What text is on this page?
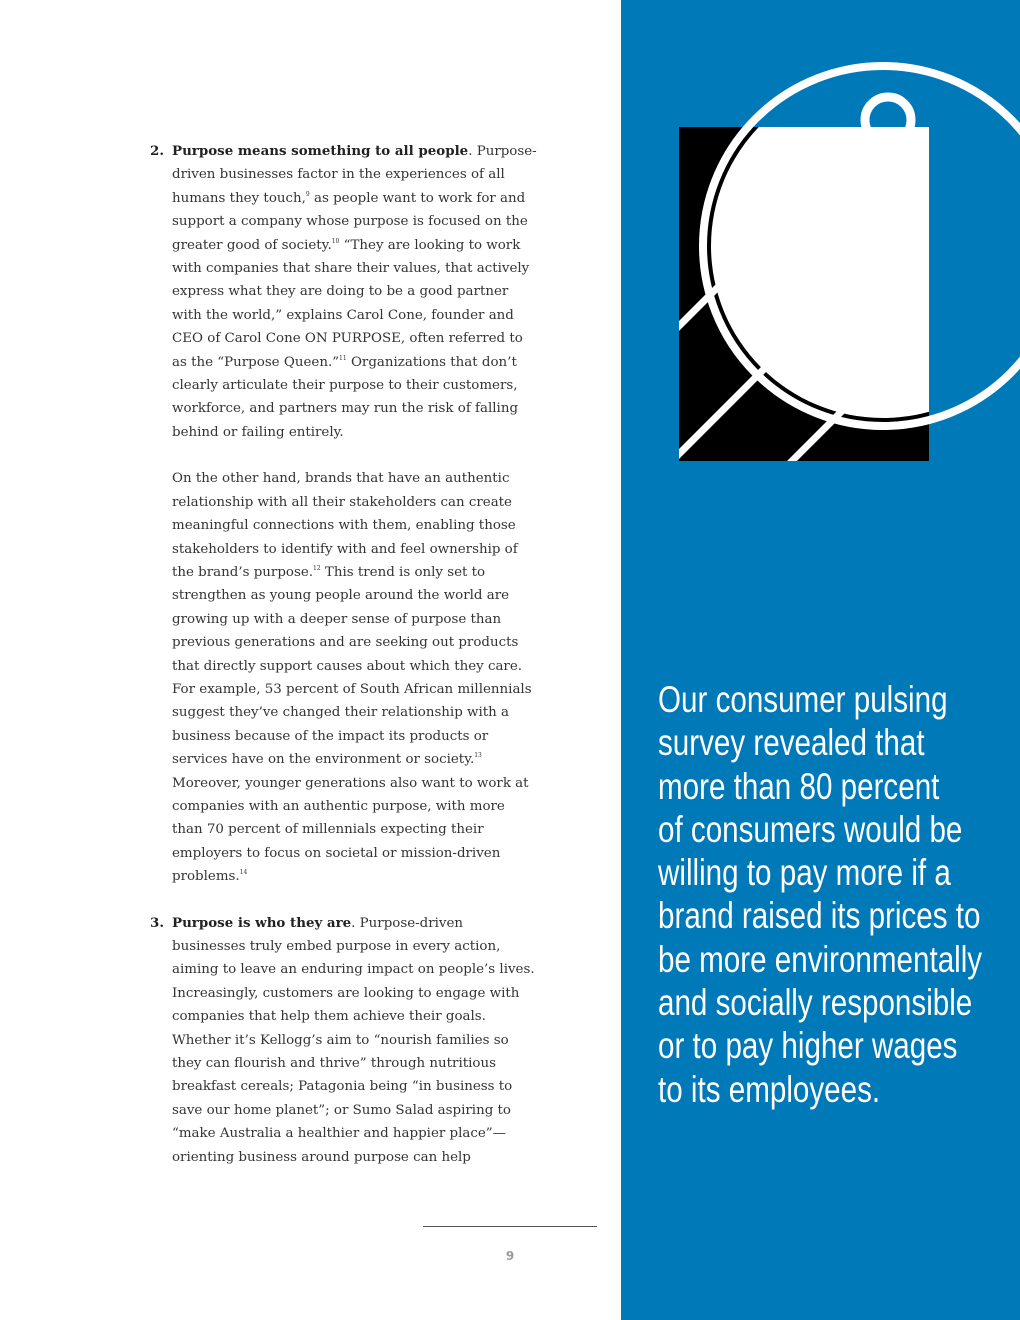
2. Purpose means something to all people. Purpose-driven businesses factor in the experiences of all humans they touch,$^9$ as people want to work for and support a company whose purpose is focused on the greater good of society.$^{10}$ “They are looking to work with companies that share their values, that actively express what they are doing to be a good partner with the world,” explains Carol Cone, founder and CEO of Carol Cone ON PURPOSE, often referred to as the “Purpose Queen.”$^{11}$ Organizations that don’t clearly articulate their purpose to their customers, workforce, and partners may run the risk of falling behind or failing entirely.

On the other hand, brands that have an authentic relationship with all their stakeholders can create meaningful connections with them, enabling those stakeholders to identify with and feel ownership of the brand’s purpose.$^{12}$ This trend is only set to strengthen as young people around the world are growing up with a deeper sense of purpose than previous generations and are seeking out products that directly support causes about which they care. For example, 53 percent of South African millennials suggest they’ve changed their relationship with a business because of the impact its products or services have on the environment or society.$^{13}$ Moreover, younger generations also want to work at companies with an authentic purpose, with more than 70 percent of millennials expecting their employers to focus on societal or mission-driven problems.$^{14}$

3. Purpose is who they are. Purpose-driven businesses truly embed purpose in every action, aiming to leave an enduring impact on people’s lives. Increasingly, customers are looking to engage with companies that help them achieve their goals. Whether it’s Kellogg’s aim to “nourish families so they can flourish and thrive” through nutritious breakfast cereals; Patagonia being “in business to save our home planet”; or Sumo Salad aspiring to “make Australia a healthier and happier place”—orienting business around purpose can help

9
Our consumer pulsing
survey revealed that
more than 80 percent
of consumers would be
willing to pay more if a
brand raised its prices to
be more environmentally
and socially responsible
or to pay higher wages
to its employees.
